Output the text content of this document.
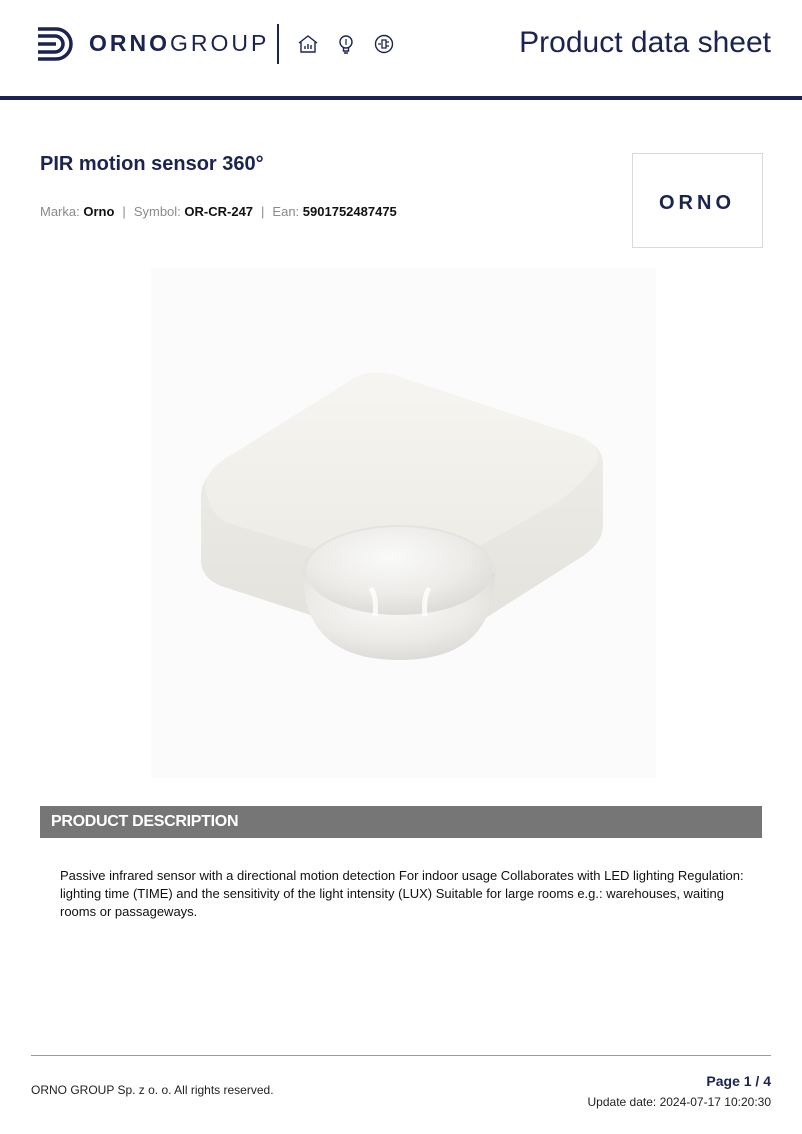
ORNOGROUP	Product data sheet
PIR motion sensor 360°
Marka: Orno | Symbol: OR-CR-247 | Ean: 5901752487475	ORNO
PRODUCT DESCRIPTION
Passive infrared sensor with a directional motion detection For indoor usage Collaborates with LED lighting Regulation: lighting time (TIME) and the sensitivity of the light intensity (LUX) Suitable for large rooms e.g.: warehouses, waiting rooms or passageways.
ORNO GROUP Sp. z o. o. All rights reserved.
Page 1 / 4
Update date: 2024-07-17 10:20:30
